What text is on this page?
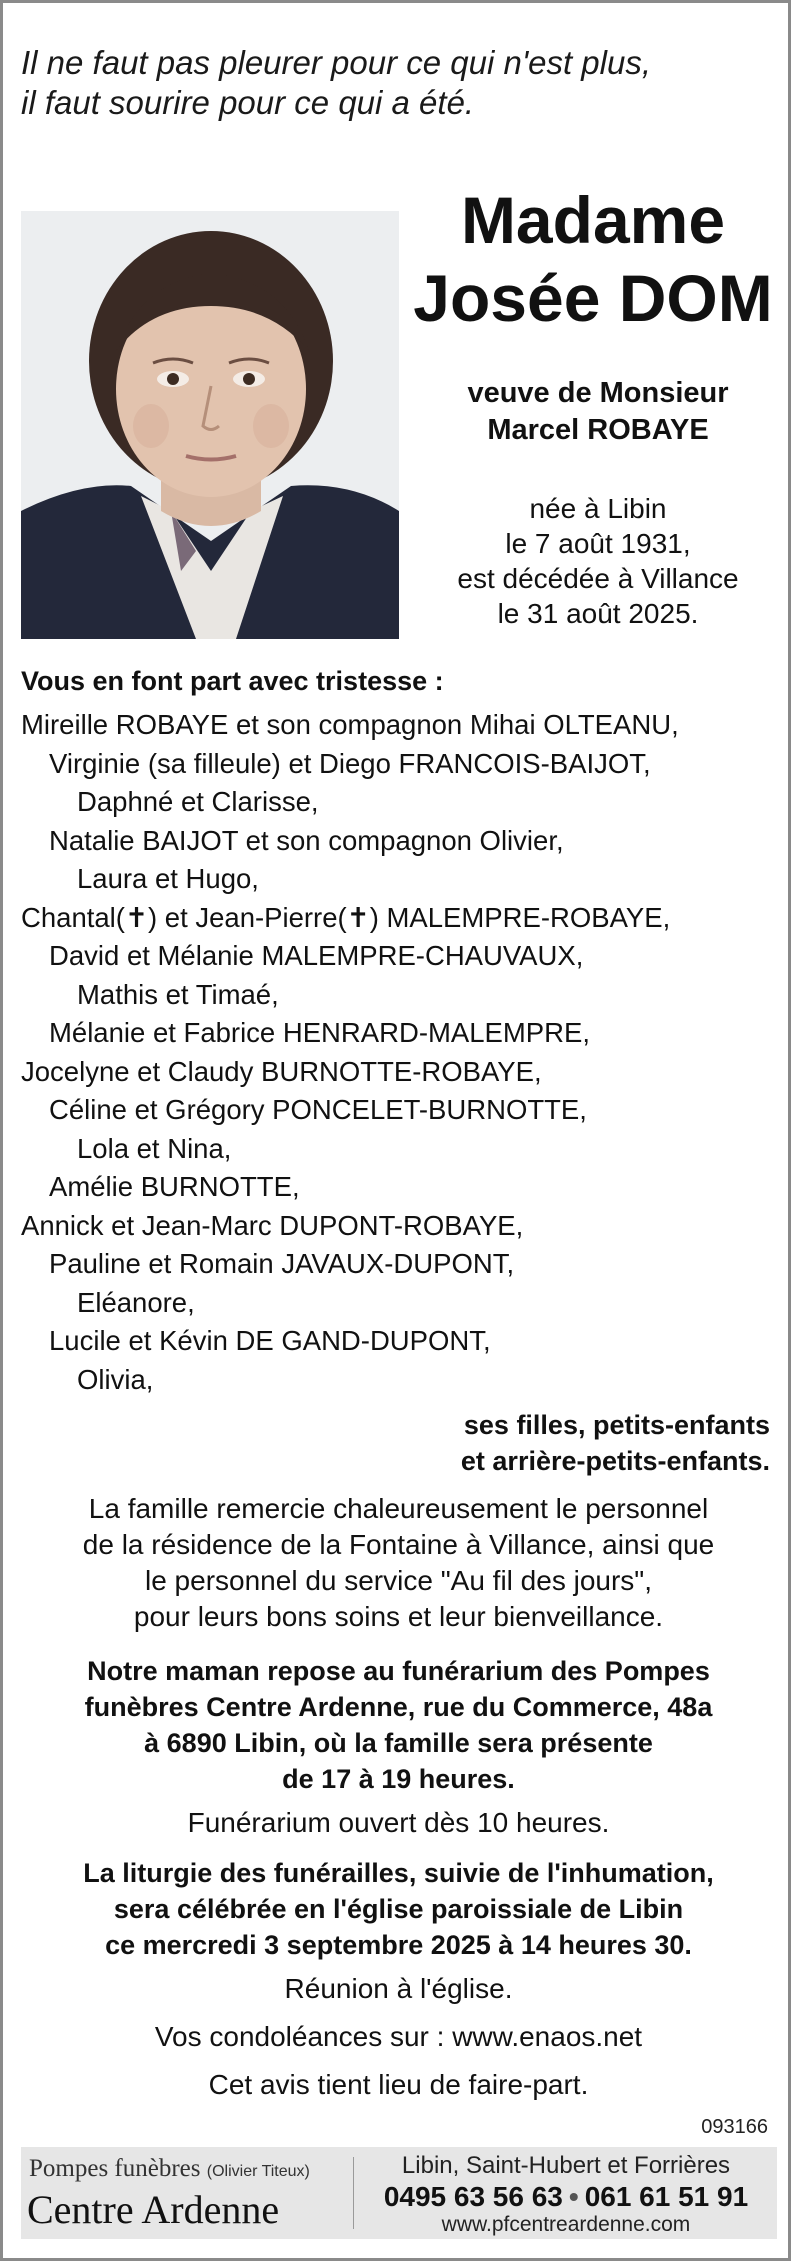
Il ne faut pas pleurer pour ce qui n'est plus,
il faut sourire pour ce qui a été.
Madame
Josée DOM
veuve de Monsieur
Marcel ROBAYE
née à Libin
le 7 août 1931,
est décédée à Villance
le 31 août 2025.
Vous en font part avec tristesse :
Mireille ROBAYE et son compagnon Mihai OLTEANU,
Virginie (sa filleule) et Diego FRANCOIS-BAIJOT,
Daphné et Clarisse,
Natalie BAIJOT et son compagnon Olivier,
Laura et Hugo,
Chantal(✝) et Jean-Pierre(✝) MALEMPRE-ROBAYE,
David et Mélanie MALEMPRE-CHAUVAUX,
Mathis et Timaé,
Mélanie et Fabrice HENRARD-MALEMPRE,
Jocelyne et Claudy BURNOTTE-ROBAYE,
Céline et Grégory PONCELET-BURNOTTE,
Lola et Nina,
Amélie BURNOTTE,
Annick et Jean-Marc DUPONT-ROBAYE,
Pauline et Romain JAVAUX-DUPONT,
Eléanore,
Lucile et Kévin DE GAND-DUPONT,
Olivia,
ses filles, petits-enfants
et arrière-petits-enfants.
La famille remercie chaleureusement le personnel
de la résidence de la Fontaine à Villance, ainsi que
le personnel du service "Au fil des jours",
pour leurs bons soins et leur bienveillance.
Notre maman repose au funérarium des Pompes
funèbres Centre Ardenne, rue du Commerce, 48a
à 6890 Libin, où la famille sera présente
de 17 à 19 heures.
Funérarium ouvert dès 10 heures.
La liturgie des funérailles, suivie de l'inhumation,
sera célébrée en l'église paroissiale de Libin
ce mercredi 3 septembre 2025 à 14 heures 30.
Réunion à l'église.
Vos condoléances sur : www.enaos.net
Cet avis tient lieu de faire-part.
093166
Pompes funèbres (Olivier Titeux)
Centre Ardenne
Libin, Saint-Hubert et Forrières
0495 63 56 63 • 061 61 51 91
www.pfcentreardenne.com
